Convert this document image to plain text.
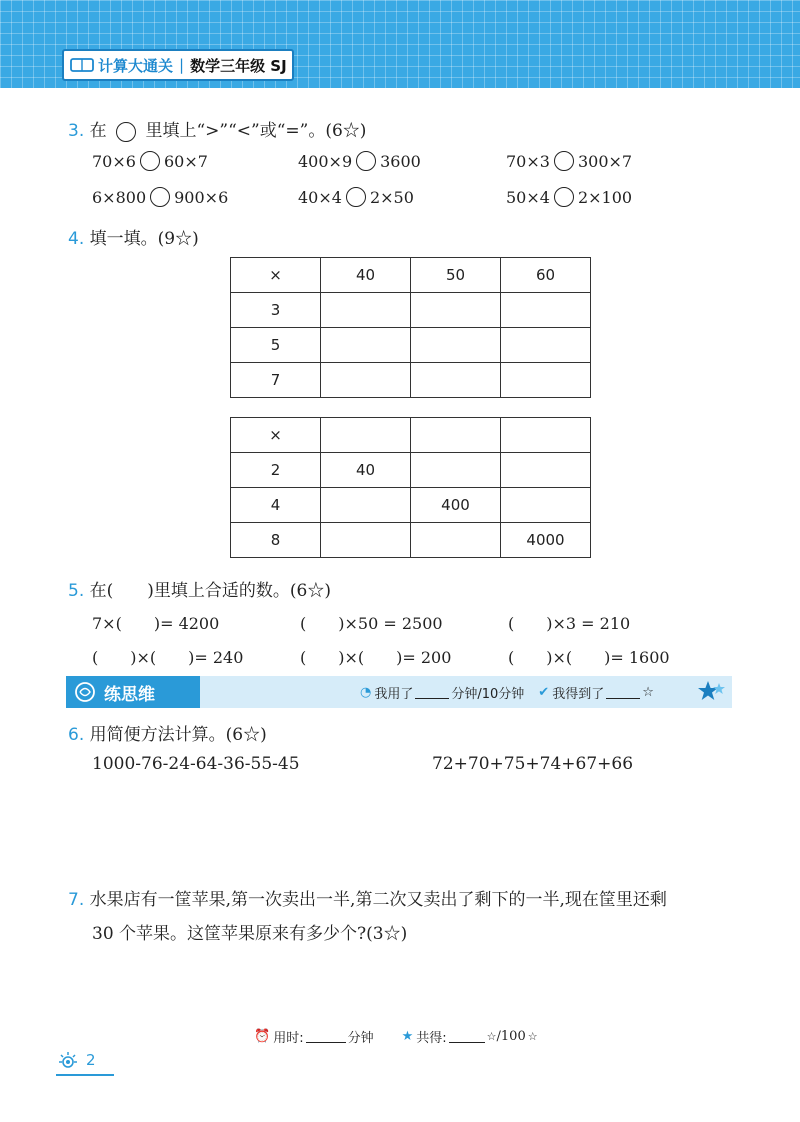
计算大通关 | 数学三年级 SJ
3. 在 里填上“>”“<”或“=”。(6☆)
70×6 60×7	400×9 3600	70×3 300×7
6×800 900×6	40×4 2×50	50×4 2×100
4. 填一填。(9☆)
×	40	50	60
3			
5			
7			
×			
2	40		
4		400	
8			4000
5. 在(　　)里填上合适的数。(6☆)
7×(　　)= 4200	(　　)×50 = 2500	(　　)×3 = 210
(　　)×(　　)= 240	(　　)×(　　)= 200	(　　)×(　　)= 1600
练思维	◔ 我用了	分钟/10分钟 ✔ 我得到了	☆
6. 用简便方法计算。(6☆)
1000-76-24-64-36-55-45	72+70+75+74+67+66
7. 水果店有一筐苹果,第一次卖出一半,第二次又卖出了剩下的一半,现在筐里还剩
30 个苹果。这筐苹果原来有多少个?(3☆)
⏰ 用时:	分钟 ★ 共得:	☆ /100 ☆
2
